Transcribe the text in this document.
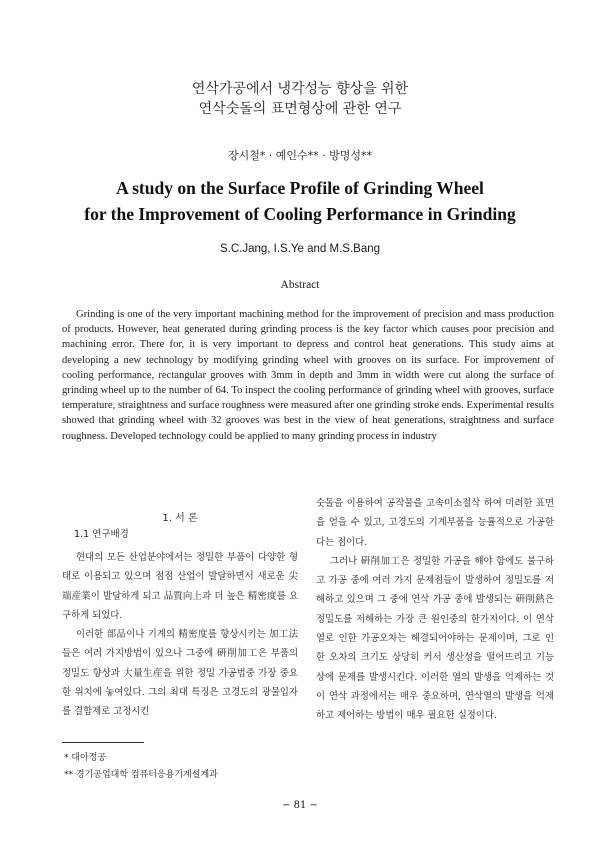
연삭가공에서 냉각성능 향상을 위한
연삭숫돌의 표면형상에 관한 연구
장시철* · 예인수** · 방명성**
A study on the Surface Profile of Grinding Wheel
for the Improvement of Cooling Performance in Grinding
S.C.Jang, I.S.Ye and M.S.Bang
Abstract

Grinding is one of the very important machining method for the improvement of precision and mass production of products. However, heat generated during grinding process is the key factor which causes poor precision and machining error. There for, it is very important to depress and control heat generations. This study aims at developing a new technology by modifying grinding wheel with grooves on its surface. For improvement of cooling performance, rectangular grooves with 3mm in depth and 3mm in width were cut along the surface of grinding wheel up to the number of 64. To inspect the cooling performance of grinding wheel with grooves, surface temperature, straightness and surface roughness were measured after one grinding stroke ends. Experimental results showed that grinding wheel with 32 grooves was best in the view of heat generations, straightness and surface roughness. Developed technology could be applied to many grinding process in industry

1. 서 론
1.1 연구배경

현대의 모든 산업분야에서는 정밀한 부품이 다양한 형태로 이용되고 있으며 점점 산업이 발달하면서 새로운 尖端産業이 발달하게 되고 品質向上과 더 높은 精密度를 요구하게 되었다.

이러한 部品이나 기계의 精密度를 향상시키는 加工法들은 여러 가지방법이 있으나 그중에 硏削加工은 부품의 정밀도 향상과 大量生産을 위한 정밀 가공법중 가장 중요한 위치에 놓여있다. 그의 최대 특징은 고경도의 광물입자를 결합제로 고정시킨

숫돌을 이용하여 공작물을 고속미소절삭 하여 미려한 표면을 얻을 수 있고, 고경도의 기계부품을 능률적으로 가공한다는 점이다.

그러나 硏削加工은 정밀한 가공을 해야 함에도 불구하고 가공 중에 여러 가지 문제점들이 발생하여 정밀도를 저해하고 있으며 그 중에 연삭 가공 중에 발생되는 硏削熱은 정밀도를 저해하는 가장 큰 원인중의 한가지이다. 이 연삭열로 인한 가공오차는 해결되어야하는 문제이며, 그로 인한 오차의 크기도 상당히 커서 생산성을 떨어뜨리고 기능상에 문제를 발생시킨다. 이러한 열의 발생을 억제하는 것이 연삭 과정에서는 매우 중요하며, 연삭열의 발생을 억제하고 제어하는 방법이 매우 필요한 실정이다.

* 대아정공
** 경기공업대학 컴퓨터응용기계설계과
− 81 −
